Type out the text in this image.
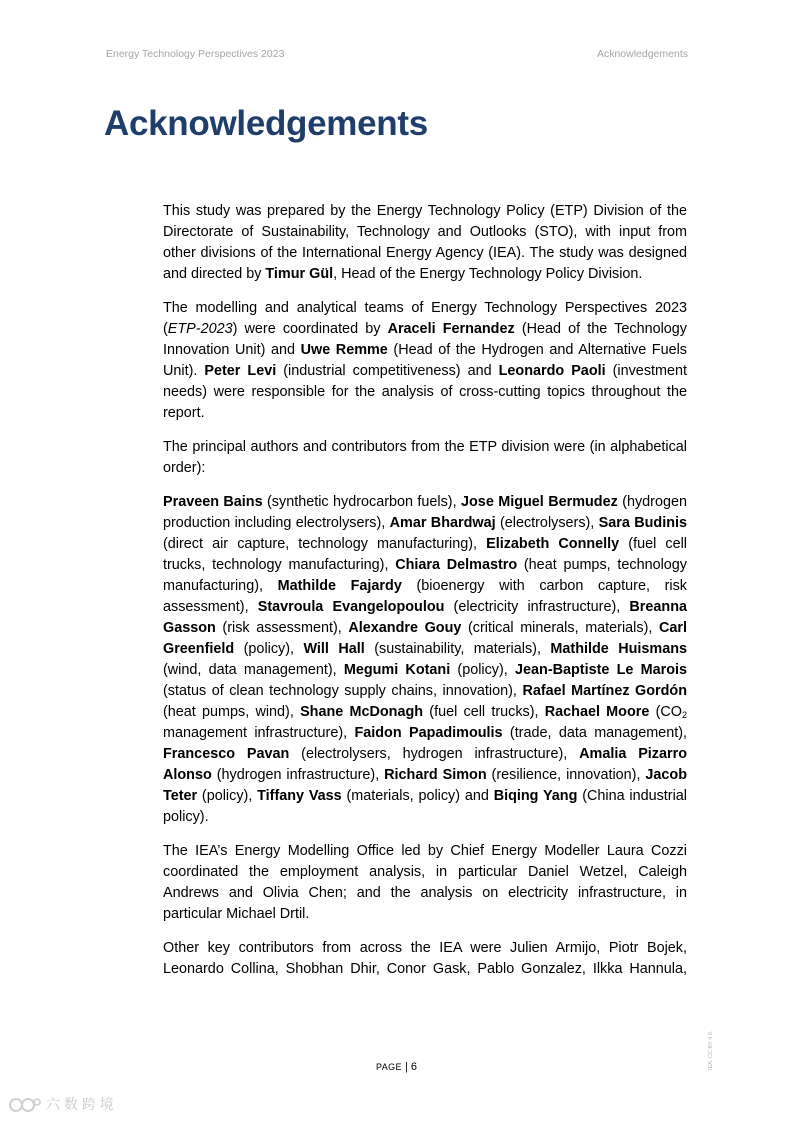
Energy Technology Perspectives 2023	Acknowledgements
Acknowledgements

This study was prepared by the Energy Technology Policy (ETP) Division of the Directorate of Sustainability, Technology and Outlooks (STO), with input from other divisions of the International Energy Agency (IEA). The study was designed and directed by Timur Gül, Head of the Energy Technology Policy Division.

The modelling and analytical teams of Energy Technology Perspectives 2023 (ETP-2023) were coordinated by Araceli Fernandez (Head of the Technology Innovation Unit) and Uwe Remme (Head of the Hydrogen and Alternative Fuels Unit). Peter Levi (industrial competitiveness) and Leonardo Paoli (investment needs) were responsible for the analysis of cross-cutting topics throughout the report.

The principal authors and contributors from the ETP division were (in alphabetical order):

Praveen Bains (synthetic hydrocarbon fuels), Jose Miguel Bermudez (hydrogen production including electrolysers), Amar Bhardwaj (electrolysers), Sara Budinis (direct air capture, technology manufacturing), Elizabeth Connelly (fuel cell trucks, technology manufacturing), Chiara Delmastro (heat pumps, technology manufacturing), Mathilde Fajardy (bioenergy with carbon capture, risk assessment), Stavroula Evangelopoulou (electricity infrastructure), Breanna Gasson (risk assessment), Alexandre Gouy (critical minerals, materials), Carl Greenfield (policy), Will Hall (sustainability, materials), Mathilde Huismans (wind, data management), Megumi Kotani (policy), Jean-Baptiste Le Marois (status of clean technology supply chains, innovation), Rafael Martínez Gordón (heat pumps, wind), Shane McDonagh (fuel cell trucks), Rachael Moore ($CO_2$ management infrastructure), Faidon Papadimoulis (trade, data management), Francesco Pavan (electrolysers, hydrogen infrastructure), Amalia Pizarro Alonso (hydrogen infrastructure), Richard Simon (resilience, innovation), Jacob Teter (policy), Tiffany Vass (materials, policy) and Biqing Yang (China industrial policy).

The IEA’s Energy Modelling Office led by Chief Energy Modeller Laura Cozzi coordinated the employment analysis, in particular Daniel Wetzel, Caleigh Andrews and Olivia Chen; and the analysis on electricity infrastructure, in particular Michael Drtil.

Other key contributors from across the IEA were Julien Armijo, Piotr Bojek, Leonardo Collina, Shobhan Dhir, Conor Gask, Pablo Gonzalez, Ilkka Hannula,

PAGE | 6	IEA. CC BY 4.0.
六 数 跨 境
